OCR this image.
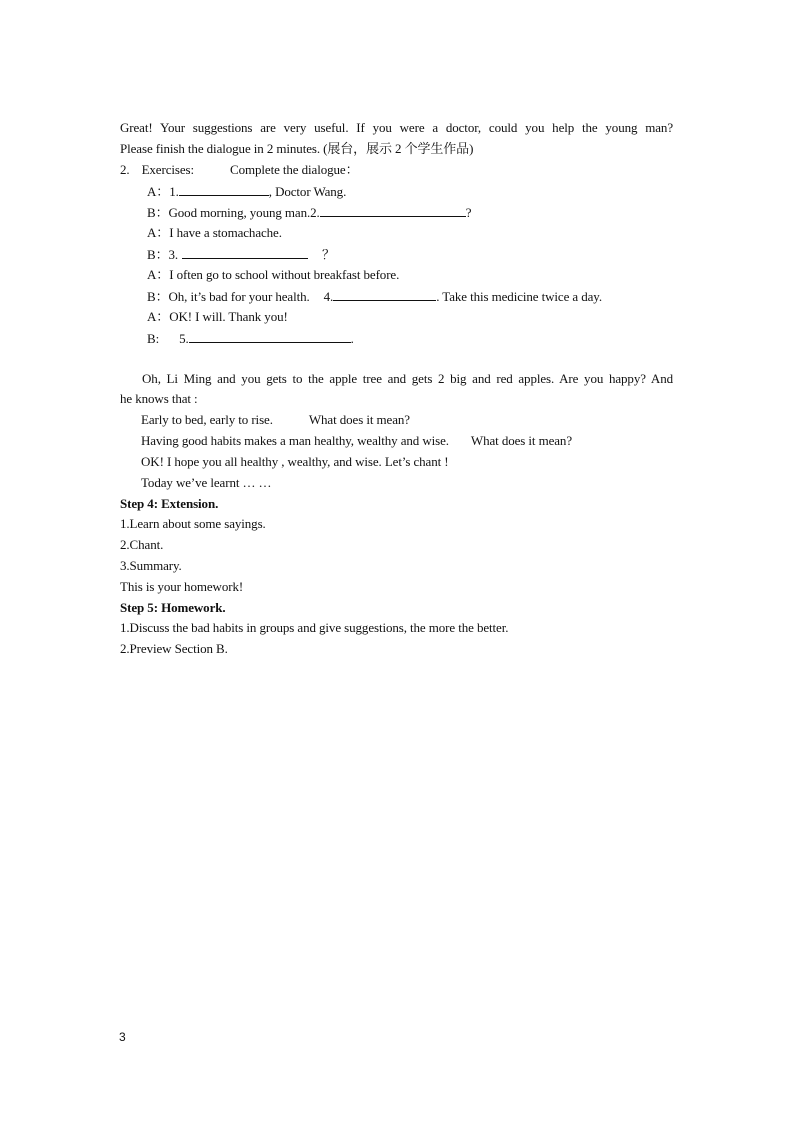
Great! Your suggestions are very useful. If you were a doctor, could you help the young man?
Please finish the dialogue in 2 minutes. (展台，展示 2 个学生作品)
2. Exercises:	Complete the dialogue：
A：1.	, Doctor Wang.
B：Good morning, young man.2.	?
A：I have a stomachache.
B：3.	？
A：I often go to school without breakfast before.
B：Oh, it’s bad for your health. 4.	. Take this medicine twice a day.
A：OK! I will. Thank you!
B: 5.	.
Oh, Li Ming and you gets to the apple tree and gets 2 big and red apples. Are you happy? And
he knows that :
Early to bed, early to rise.	What does it mean?
Having good habits makes a man healthy, wealthy and wise. What does it mean?
OK! I hope you all healthy , wealthy, and wise. Let’s chant !
Today we’ve learnt … …
Step 4: Extension.
1.Learn about some sayings.
2.Chant.
3.Summary.
This is your homework!
Step 5: Homework.
1.Discuss the bad habits in groups and give suggestions, the more the better.
2.Preview Section B.
3
